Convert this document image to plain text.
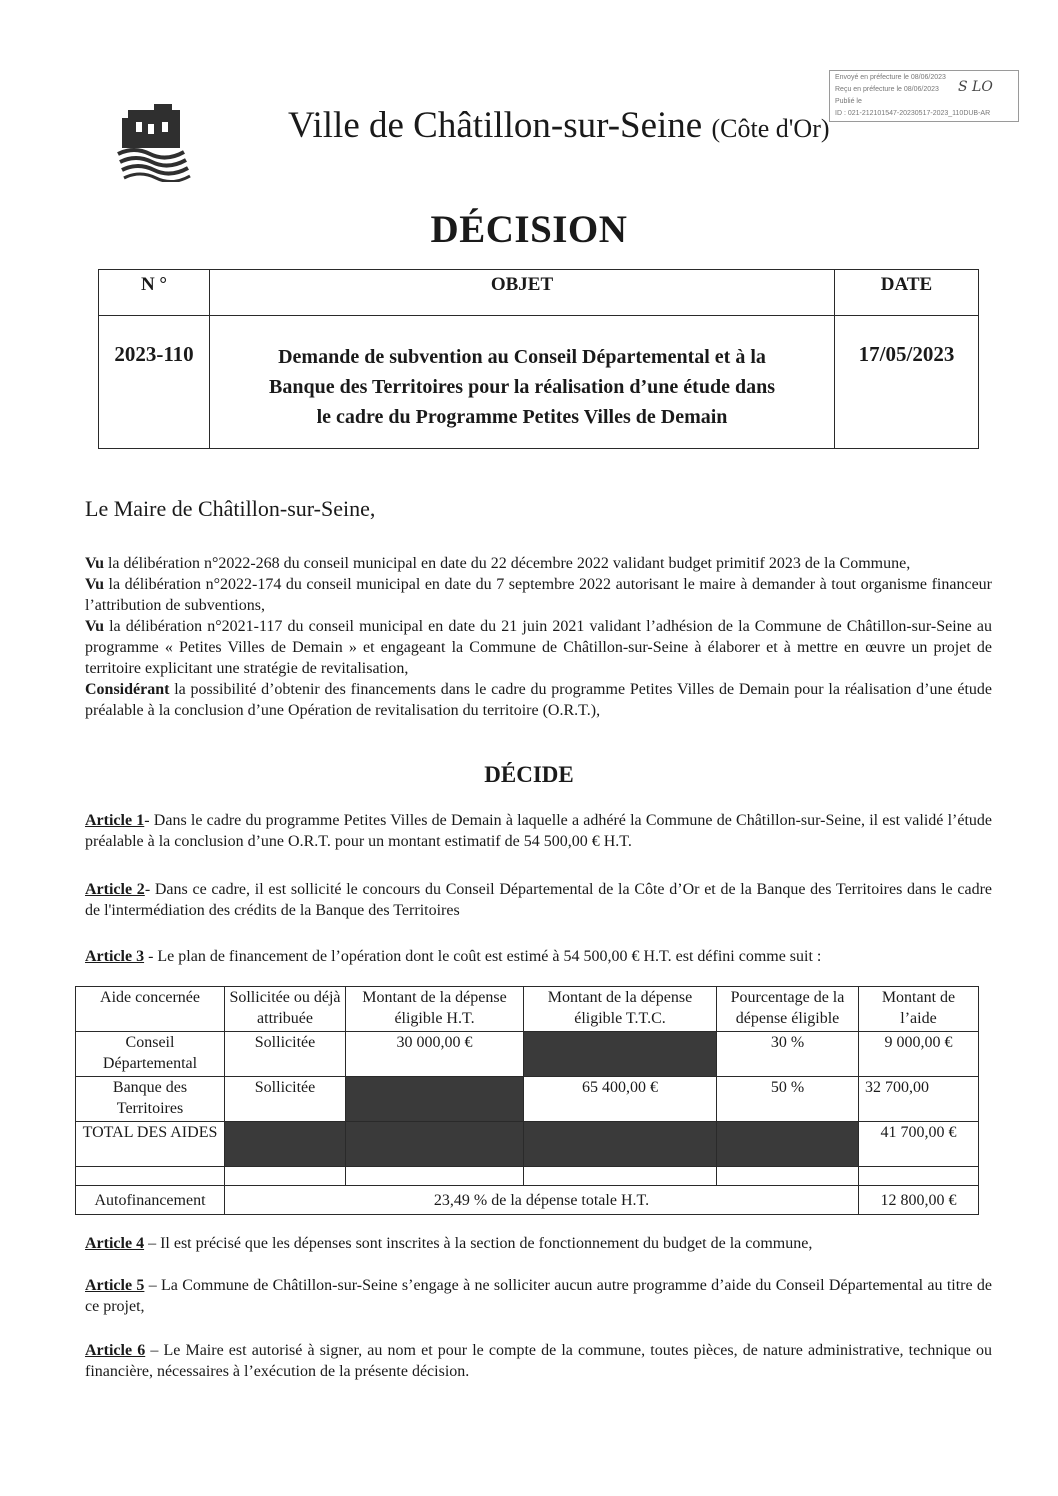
Envoyé en préfecture le 08/06/2023
Reçu en préfecture le 08/06/2023
Publié le
ID : 021-212101547-20230517-2023_110DUB-AR
S LO
Ville de Châtillon-sur-Seine (Côte d'Or)
DÉCISION
N °	OBJET	DATE
2023-110	Demande de subvention au Conseil Départemental et à la
Banque des Territoires pour la réalisation d’une étude dans
le cadre du Programme Petites Villes de Demain	17/05/2023
Le Maire de Châtillon-sur-Seine,
Vu la délibération n°2022-268 du conseil municipal en date du 22 décembre 2022 validant budget primitif 2023 de la Commune,
Vu la délibération n°2022-174 du conseil municipal en date du 7 septembre 2022 autorisant le maire à demander à tout organisme financeur l’attribution de subventions,
Vu la délibération n°2021-117 du conseil municipal en date du 21 juin 2021 validant l’adhésion de la Commune de Châtillon-sur-Seine au programme « Petites Villes de Demain » et engageant la Commune de Châtillon-sur-Seine à élaborer et à mettre en œuvre un projet de territoire explicitant une stratégie de revitalisation,
Considérant la possibilité d’obtenir des financements dans le cadre du programme Petites Villes de Demain pour la réalisation d’une étude préalable à la conclusion d’une Opération de revitalisation du territoire (O.R.T.),
DÉCIDE
Article 1- Dans le cadre du programme Petites Villes de Demain à laquelle a adhéré la Commune de Châtillon-sur-Seine, il est validé l’étude préalable à la conclusion d’une O.R.T. pour un montant estimatif de 54 500,00 € H.T.
Article 2- Dans ce cadre, il est sollicité le concours du Conseil Départemental de la Côte d’Or et de la Banque des Territoires dans le cadre de l'intermédiation des crédits de la Banque des Territoires
Article 3 - Le plan de financement de l’opération dont le coût est estimé à 54 500,00 € H.T. est défini comme suit :
Aide concernée	Sollicitée ou déjà attribuée	Montant de la dépense éligible H.T.	Montant de la dépense éligible T.T.C.	Pourcentage de la dépense éligible	Montant de l’aide
Conseil Départemental	Sollicitée	30 000,00 €		30 %	9 000,00 €
Banque des Territoires	Sollicitée		65 400,00 €	50 %	32 700,00
TOTAL DES AIDES					41 700,00 €

Autofinancement	23,49 % de la dépense totale H.T.				12 800,00 €
Article 4 – Il est précisé que les dépenses sont inscrites à la section de fonctionnement du budget de la commune,
Article 5 – La Commune de Châtillon-sur-Seine s’engage à ne solliciter aucun autre programme d’aide du Conseil Départemental au titre de ce projet,
Article 6 – Le Maire est autorisé à signer, au nom et pour le compte de la commune, toutes pièces, de nature administrative, technique ou financière, nécessaires à l’exécution de la présente décision.
